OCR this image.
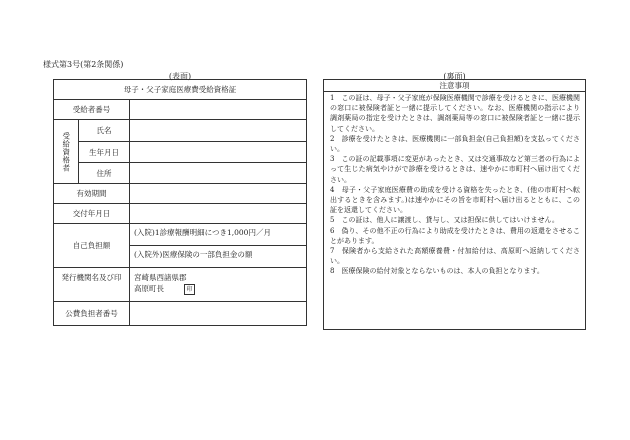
様式第3号(第2条関係)
(表面)	(裏面)
母子・父子家庭医療費受給資格証		
受給者番号		

受給資格者	氏名	
	生年月日	
	住所	
有効期間		
交付年月日		
自己負担額		(入院)1診療報酬明細につき1,000円／月
(入院外)医療保険の一部負担金の額

発行機関名及び印		宮崎県西諸県郡
高原町長 印

公費負担者番号		
注意事項

1　この証は、母子・父子家庭が保険医療機関で診療を受けるときに、医療機関の窓口に被保険者証と一緒に提示してください。なお、医療機関の指示により調剤薬局の指定を受けたときは、調剤薬局等の窓口に被保険者証と一緒に提示してください。

2　診療を受けたときは、医療機関に一部負担金(自己負担額)を支払ってください。

3　この証の記載事項に変更があったとき、又は交通事故など第三者の行為によって生じた病気やけがで診療を受けるときは、速やかに市町村へ届け出てください。

4　母子・父子家庭医療費の助成を受ける資格を失ったとき、(他の市町村へ転出するときを含みます。)は速やかにその旨を市町村へ届け出るとともに、この証を返還してください。

5　この証は、他人に譲渡し、貸与し、又は担保に供してはいけません。

6　偽り、その他不正の行為により助成を受けたときは、費用の返還をさせることがあります。

7　保険者から支給された高額療養費・付加給付は、高原町へ返納してください。

8　医療保険の給付対象とならないものは、本人の負担となります。
